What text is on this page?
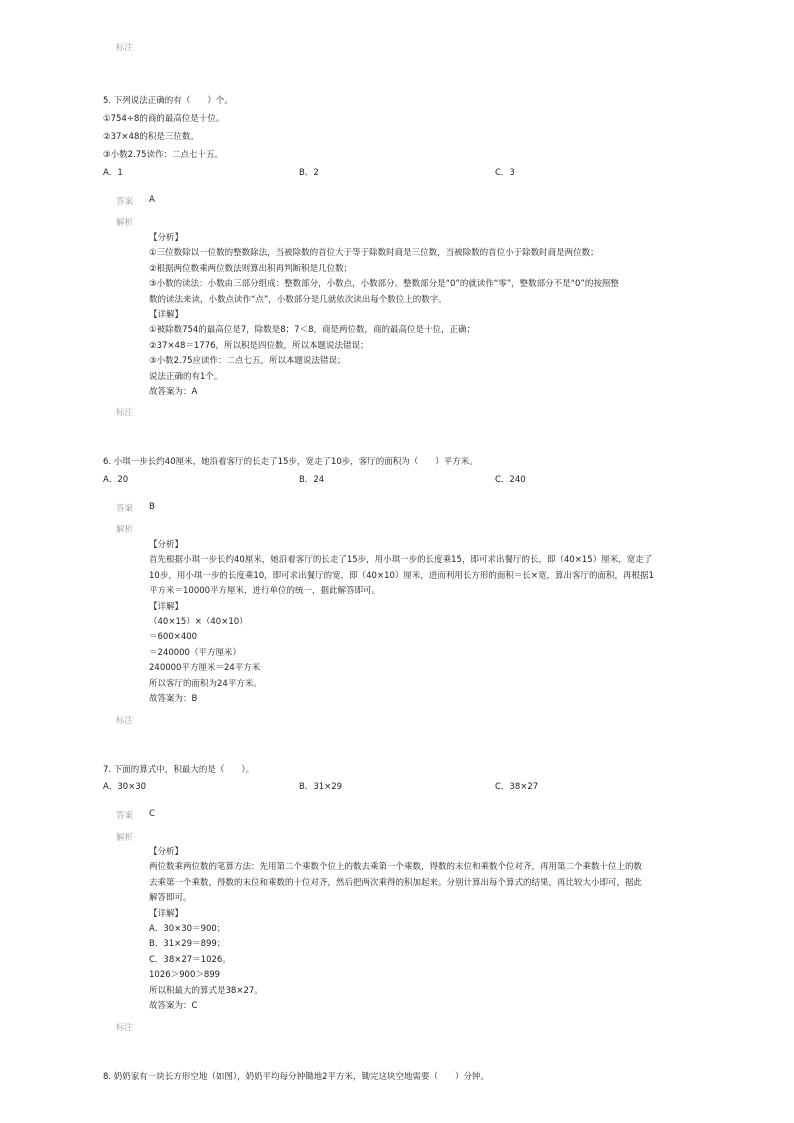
标注
5. 下列说法正确的有（　　）个。
①754÷8的商的最高位是十位。
②37×48的积是三位数。
③小数2.75读作：二点七十五。
A．1	B．2	C．3
答案 A
解析
【分析】
①三位数除以一位数的整数除法，当被除数的首位大于等于除数时商是三位数，当被除数的首位小于除数时商是两位数；
②根据两位数乘两位数法则算出积再判断积是几位数；
③小数的读法：小数由三部分组成：整数部分，小数点，小数部分。整数部分是“0”的就读作“零”，整数部分不是“0”的按照整
数的读法来读，小数点读作“点”，小数部分是几就依次读出每个数位上的数字。
【详解】
①被除数754的最高位是7，除数是8；7＜8，商是两位数，商的最高位是十位，正确；
②37×48＝1776，所以积是四位数，所以本题说法错误；
③小数2.75应读作：二点七五，所以本题说法错误；
说法正确的有1个。
故答案为：A
标注
6. 小琪一步长约40厘米，她沿着客厅的长走了15步，宽走了10步，客厅的面积为（　　）平方米。
A．20	B．24	C．240
答案 B
解析
【分析】
首先根据小琪一步长约40厘米，她沿着客厅的长走了15步，用小琪一步的长度乘15，即可求出餐厅的长，即（40×15）厘米，宽走了
10步，用小琪一步的长度乘10，即可求出餐厅的宽，即（40×10）厘米，进而利用长方形的面积＝长×宽，算出客厅的面积，再根据1
平方米＝10000平方厘米，进行单位的统一，据此解答即可。
【详解】
（40×15）×（40×10）
＝600×400
＝240000（平方厘米）
240000平方厘米＝24平方米
所以客厅的面积为24平方米。
故答案为：B
标注
7. 下面的算式中，积最大的是（　　）。
A．30×30	B．31×29	C．38×27
答案 C
解析
【分析】
两位数乘两位数的笔算方法：先用第二个乘数个位上的数去乘第一个乘数，得数的末位和乘数个位对齐，再用第二个乘数十位上的数
去乘第一个乘数，得数的末位和乘数的十位对齐，然后把两次乘得的积加起来。分别计算出每个算式的结果，再比较大小即可，据此
解答即可。
【详解】
A．30×30＝900；
B．31×29＝899；
C．38×27＝1026。
1026＞900＞899
所以积最大的算式是38×27。
故答案为：C
标注
8. 奶奶家有一块长方形空地（如图），奶奶平均每分钟锄地2平方米，锄完这块空地需要（　　）分钟。
